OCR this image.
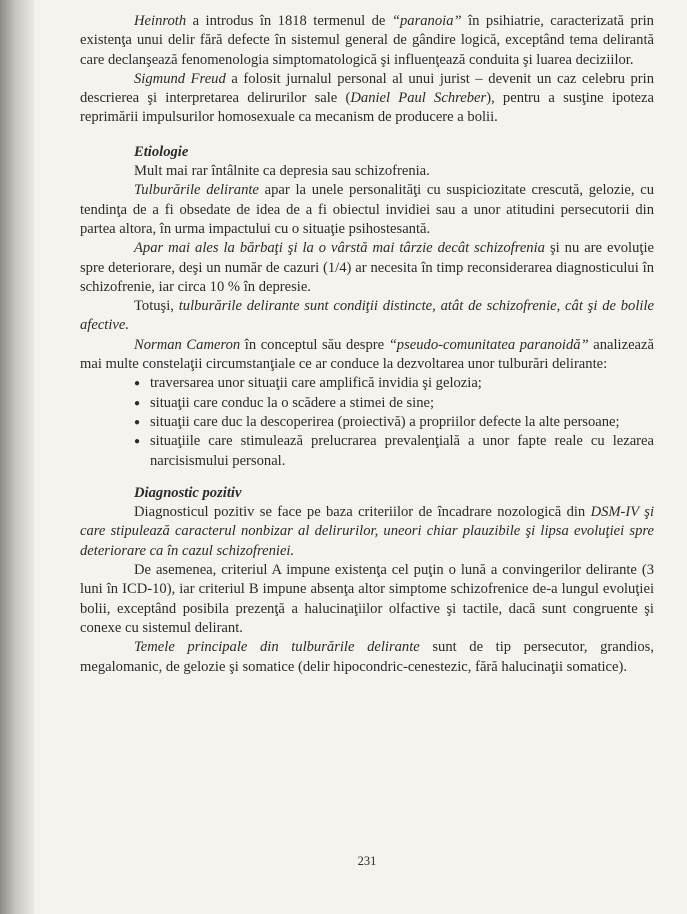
Heinroth a introdus în 1818 termenul de “paranoia” în psihiatrie, caracterizată prin existenţa unui delir fără defecte în sistemul general de gândire logică, exceptând tema delirantă care declanşează fenomenologia simptomatologică şi influenţează conduita şi luarea deciziilor.

Sigmund Freud a folosit jurnalul personal al unui jurist – devenit un caz celebru prin descrierea şi interpretarea delirurilor sale (Daniel Paul Schreber), pentru a susţine ipoteza reprimării impulsurilor homosexuale ca mecanism de producere a bolii.

Etiologie

Mult mai rar întâlnite ca depresia sau schizofrenia.

Tulburările delirante apar la unele personalităţi cu suspiciozitate crescută, gelozie, cu tendinţa de a fi obsedate de idea de a fi obiectul invidiei sau a unor atitudini persecutorii din partea altora, în urma impactului cu o situaţie psihostesantă.

Apar mai ales la bărbaţi şi la o vârstă mai târzie decât schizofrenia şi nu are evoluţie spre deteriorare, deşi un număr de cazuri (1/4) ar necesita în timp reconsiderarea diagnosticului în schizofrenie, iar circa 10 % în depresie.

Totuşi, tulburările delirante sunt condiţii distincte, atât de schizofrenie, cât şi de bolile afective.

Norman Cameron în conceptul său despre “pseudo-comunitatea paranoidă” analizează mai multe constelaţii circumstanţiale ce ar conduce la dezvoltarea unor tulburări delirante:

● traversarea unor situaţii care amplifică invidia şi gelozia;
● situaţii care conduc la o scădere a stimei de sine;
● situaţii care duc la descoperirea (proiectivă) a propriilor defecte la alte persoane;
● situaţiile care stimulează prelucrarea prevalenţială a unor fapte reale cu lezarea narcisismului personal.
Diagnostic pozitiv

Diagnosticul pozitiv se face pe baza criteriilor de încadrare nozologică din DSM-IV şi care stipulează caracterul nonbizar al delirurilor, uneori chiar plauzibile şi lipsa evoluţiei spre deteriorare ca în cazul schizofreniei.

De asemenea, criteriul A impune existenţa cel puţin o lună a convingerilor delirante (3 luni în ICD-10), iar criteriul B impune absenţa altor simptome schizofrenice de-a lungul evoluţiei bolii, exceptând posibila prezenţă a halucinaţiilor olfactive şi tactile, dacă sunt congruente şi conexe cu sistemul delirant.

Temele principale din tulburările delirante sunt de tip persecutor, grandios, megalomanic, de gelozie şi somatice (delir hipocondric-cenestezic, fără halucinaţii somatice).

231
